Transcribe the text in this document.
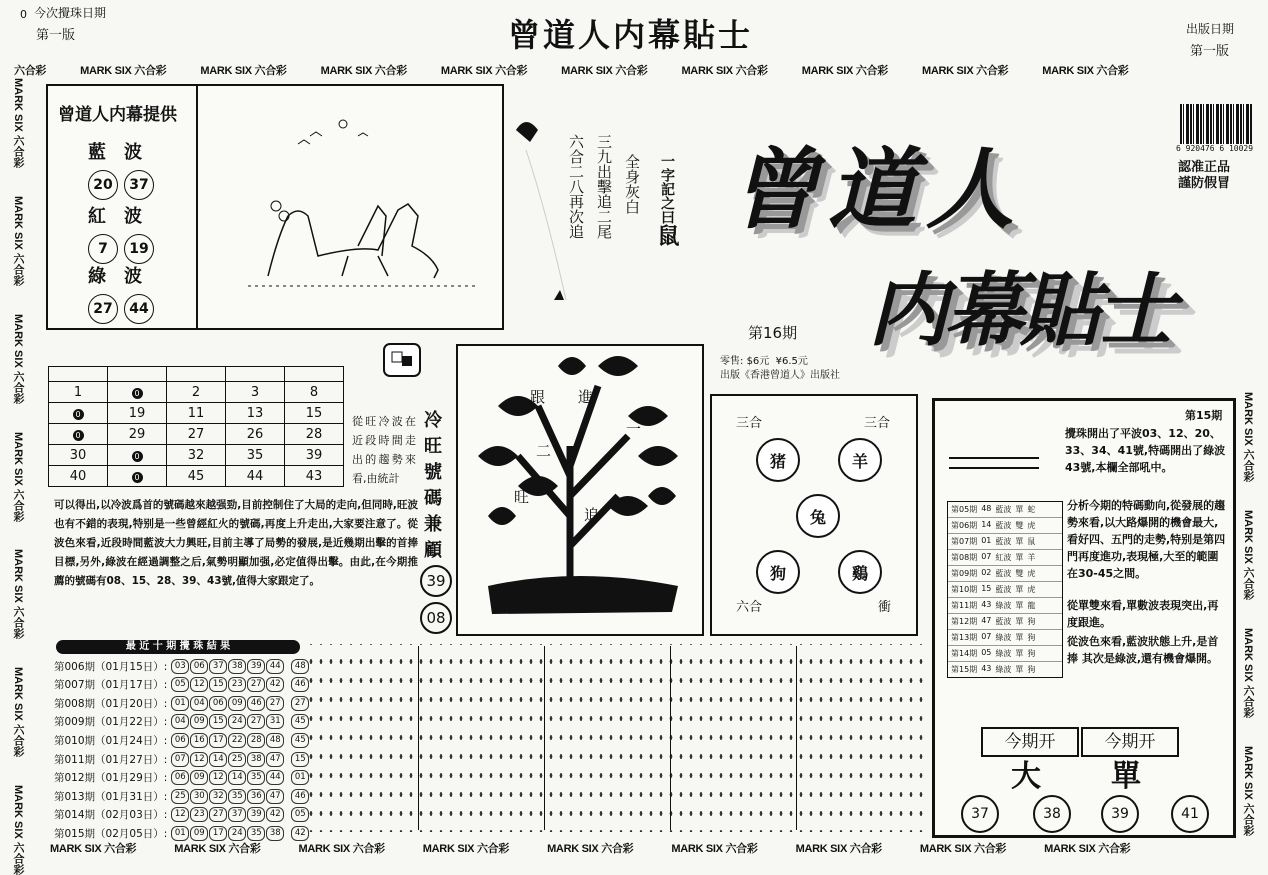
0 今次攪珠日期
第一版	曾道人内幕貼士	出版日期
第一版
六合彩	MARK SIX 六合彩	MARK SIX 六合彩	MARK SIX 六合彩	MARK SIX 六合彩	MARK SIX 六合彩	MARK SIX 六合彩	MARK SIX 六合彩	MARK SIX 六合彩	MARK SIX 六合彩
MARK SIX 六合彩
MARK SIX 六合彩
MARK SIX 六合彩
MARK SIX 六合彩
MARK SIX 六合彩
MARK SIX 六合彩
MARK SIX 六合彩
MARK SIX 六合彩
MARK SIX 六合彩
MARK SIX 六合彩
MARK SIX 六合彩
MARK SIX 六合彩	MARK SIX 六合彩	MARK SIX 六合彩	MARK SIX 六合彩	MARK SIX 六合彩	MARK SIX 六合彩	MARK SIX 六合彩	MARK SIX 六合彩	MARK SIX 六合彩
曾道人内幕提供
藍　波
20 37
紅　波
7 19
綠　波
27 44
六合二八再次追 三九出擊追二尾 全身灰白	一字記之曰鼠
6 920476 6 10029
認准正品
謹防假冒
曾道人
内幕貼士
第16期
零售: $6元 ¥6.5元
出版《香港曾道人》出版社

1	0	2	3	8
0	19	11	13	15
0	29	27	26	28
30	0	32	35	39
40	0	45	44	43
從旺冷波在近段時間走出的趨勢來看,由統計	冷旺號碼兼顧
39
08
可以得出,以冷波爲首的號碼越來越强勁,目前控制住了大局的走向,但同時,旺波也有不錯的表現,特别是一些曾經紅火的號碼,再度上升走出,大家要注意了。從波色來看,近段時間藍波大力興旺,目前主導了局勢的發展,是近幾期出擊的首捧目標,另外,綠波在經過調整之后,氣勢明顯加强,必定值得出擊。由此,在今期推薦的號碼有08、15、28、39、43號,值得大家跟定了。
跟 進
一
二
旺
追 八
三合	三合
猪	羊
兔
狗	鷄
六合	衝
第15期
攪珠開出了平波03、12、20、33、34、41號,特碼開出了綠波43號,本欄全部吼中。
第05期 48 藍波 單 蛇
第06期 14 藍波 雙 虎
第07期 01 藍波 單 鼠
第08期 07 紅波 單 羊
第09期 02 藍波 雙 虎
第10期 15 藍波 單 虎
第11期 43 綠波 單 龍
第12期 47 藍波 單 狗
第13期 07 綠波 單 狗
第14期 05 綠波 單 狗
第15期 43 綠波 單 狗
分析今期的特碼動向,從發展的趨勢來看,以大路爆開的機會最大,看好四、五門的走勢,特别是第四門再度進功,表現極,大至的範圍在30-45之間。
從單雙來看,單數波表現突出,再度跟進。
從波色來看,藍波狀態上升,是首捧 其次是綠波,還有機會爆開。
今期开	今期开
大 單
37	38	39	41
最 近 十 期 攪 珠 結 果
第006期（01月15日）: 03 06 37 38 39 44	48
第007期（01月17日）: 05 12 15 23 27 42	46
第008期（01月20日）: 01 04 06 09 46 27	27
第009期（01月22日）: 04 09 15 24 27 31	45
第010期（01月24日）: 06 16 17 22 28 48	45
第011期（01月27日）: 07 12 14 25 38 47	15
第012期（01月29日）: 06 09 12 14 35 44	01
第013期（01月31日）: 25 30 32 35 36 47	46
第014期（02月03日）: 12 23 27 37 39 42	05
第015期（02月05日）: 01 09 17 24 35 38	42
